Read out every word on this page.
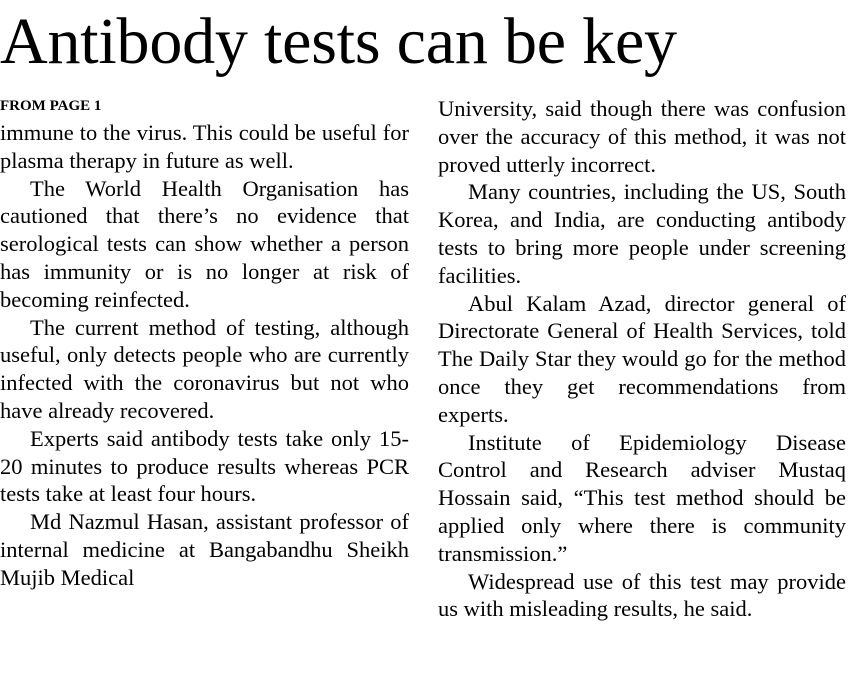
Antibody tests can be key
FROM PAGE 1

immune to the virus. This could be useful for plasma therapy in future as well.

The World Health Organisation has cautioned that there’s no evidence that serological tests can show whether a person has immunity or is no longer at risk of becoming reinfected.

The current method of testing, although useful, only detects people who are currently infected with the coronavirus but not who have already recovered.

Experts said antibody tests take only 15-20 minutes to produce results whereas PCR tests take at least four hours.

Md Nazmul Hasan, assistant professor of internal medicine at Bangabandhu Sheikh Mujib Medical

University, said though there was confusion over the accuracy of this method, it was not proved utterly incorrect.

Many countries, including the US, South Korea, and India, are conducting antibody tests to bring more people under screening facilities.

Abul Kalam Azad, director general of Directorate General of Health Services, told The Daily Star they would go for the method once they get recommendations from experts.

Institute of Epidemiology Disease Control and Research adviser Mustaq Hossain said, “This test method should be applied only where there is community transmission.”

Widespread use of this test may provide us with misleading results, he said.
